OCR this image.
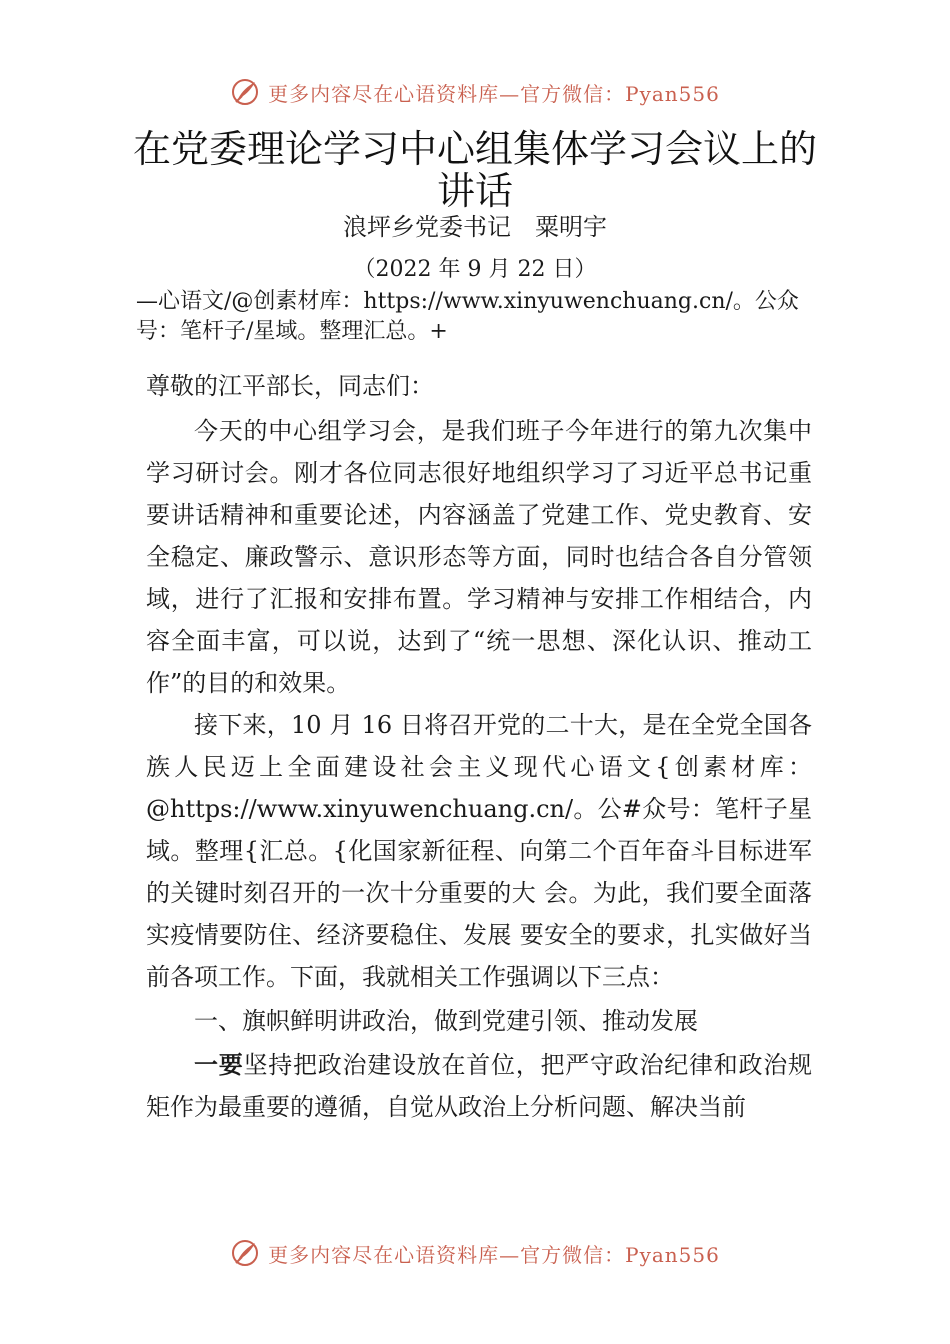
更多内容尽在心语资料库—官方微信：Pyan556
在党委理论学习中心组集体学习会议上的
讲话

浪坪乡党委书记　粟明宇

（2022 年 9 月 22 日）

—心语文/@创素材库：https://www.xinyuwenchuang.cn/。公众号：笔杆子/星域。整理汇总。+

尊敬的江平部长，同志们：

今天的中心组学习会，是我们班子今年进行的第九次集中学习研讨会。刚才各位同志很好地组织学习了习近平总书记重要讲话精神和重要论述，内容涵盖了党建工作、党史教育、安全稳定、廉政警示、意识形态等方面，同时也结合各自分管领域，进行了汇报和安排布置。学习精神与安排工作相结合，内容全面丰富，可以说，达到了“统一思想、深化认识、推动工作”的目的和效果。

接下来，10 月 16 日将召开党的二十大，是在全党全国各族人民迈上全面建设社会主义现代心语文{创素材库：@https://www.xinyuwenchuang.cn/。公#众号：笔杆子星域。整理{汇总。{化国家新征程、向第二个百年奋斗目标进军的关键时刻召开的一次十分重要的大 会。为此，我们要全面落实疫情要防住、经济要稳住、发展 要安全的要求，扎实做好当前各项工作。下面，我就相关工作强调以下三点：

一、旗帜鲜明讲政治，做到党建引领、推动发展

一要坚持把政治建设放在首位，把严守政治纪律和政治规矩作为最重要的遵循，自觉从政治上分析问题、解决当前

更多内容尽在心语资料库—官方微信：Pyan556
